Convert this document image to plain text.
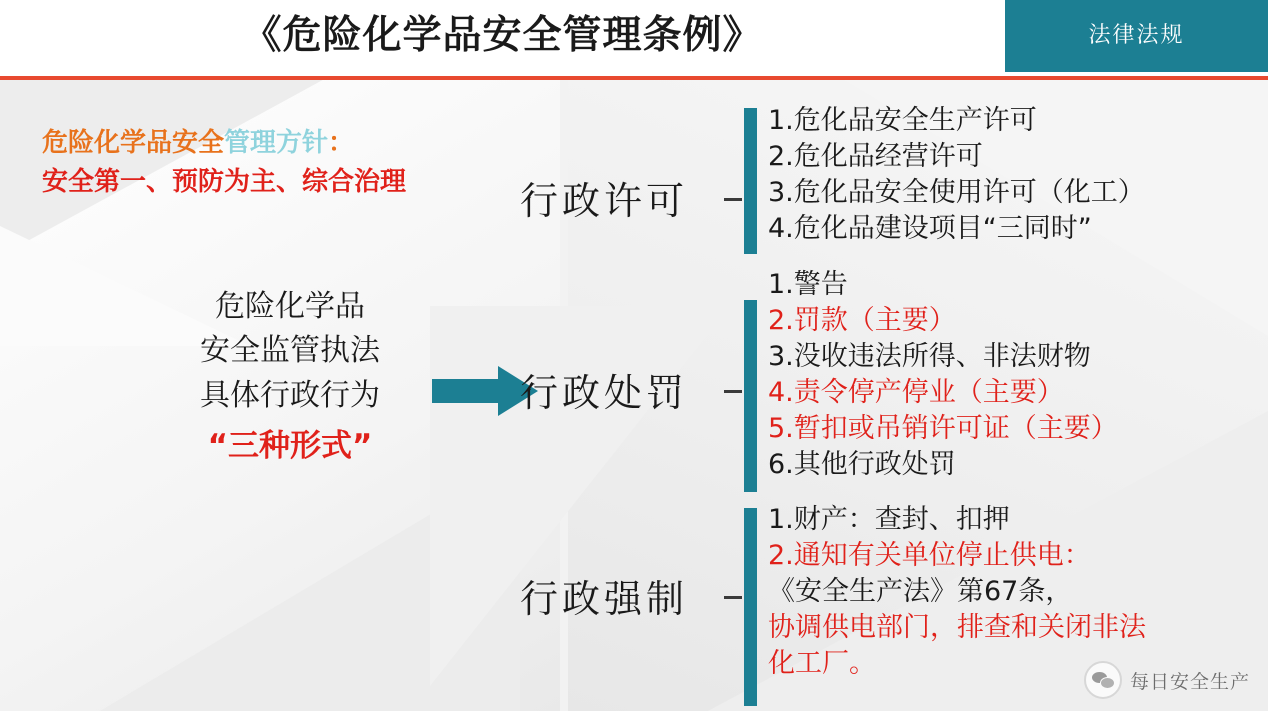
《危险化学品安全管理条例》	法律法规
危险化学品安全管理方针：
安全第一、预防为主、综合治理
危险化学品
安全监管执法
具体行政行为
“三种形式”
行政许可
行政处罚
行政强制
1.危化品安全生产许可
2.危化品经营许可
3.危化品安全使用许可（化工）
4.危化品建设项目“三同时”
1.警告
2.罚款（主要）
3.没收违法所得、非法财物
4.责令停产停业（主要）
5.暂扣或吊销许可证（主要）
6.其他行政处罚
1.财产：查封、扣押
2.通知有关单位停止供电：
《安全生产法》第67条，
协调供电部门，排查和关闭非法
化工厂。
每日安全生产
